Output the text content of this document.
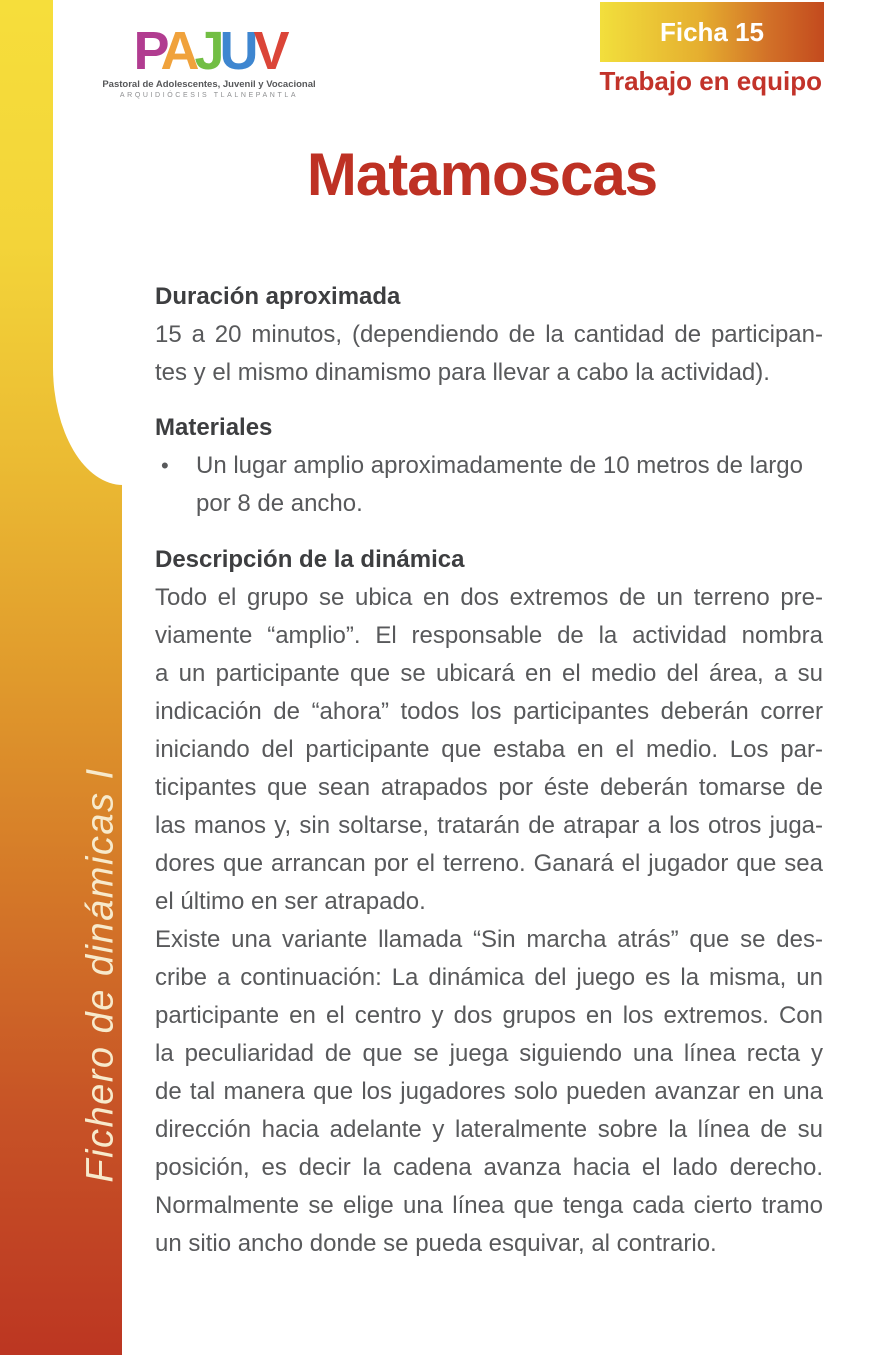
Fichero de dinámicas I
PAJUV
Pastoral de Adolescentes, Juvenil y Vocacional
ARQUIDIÓCESIS TLALNEPANTLA
Ficha 15
Trabajo en equipo
Matamoscas
Duración aproximada
15 a 20 minutos, (dependiendo de la cantidad de participan-
tes y el mismo dinamismo para llevar a cabo la actividad).
Materiales
• Un lugar amplio aproximadamente de 10 metros de largo
por 8 de ancho.
Descripción de la dinámica
Todo el grupo se ubica en dos extremos de un terreno pre-
viamente “amplio”. El responsable de la actividad nombra
a un participante que se ubicará en el medio del área, a su
indicación de “ahora” todos los participantes deberán correr
iniciando del participante que estaba en el medio. Los par-
ticipantes que sean atrapados por éste deberán tomarse de
las manos y, sin soltarse, tratarán de atrapar a los otros juga-
dores que arrancan por el terreno. Ganará el jugador que sea
el último en ser atrapado.
Existe una variante llamada “Sin marcha atrás” que se des-
cribe a continuación: La dinámica del juego es la misma, un
participante en el centro y dos grupos en los extremos. Con
la peculiaridad de que se juega siguiendo una línea recta y
de tal manera que los jugadores solo pueden avanzar en una
dirección hacia adelante y lateralmente sobre la línea de su
posición, es decir la cadena avanza hacia el lado derecho.
Normalmente se elige una línea que tenga cada cierto tramo
un sitio ancho donde se pueda esquivar, al contrario.
